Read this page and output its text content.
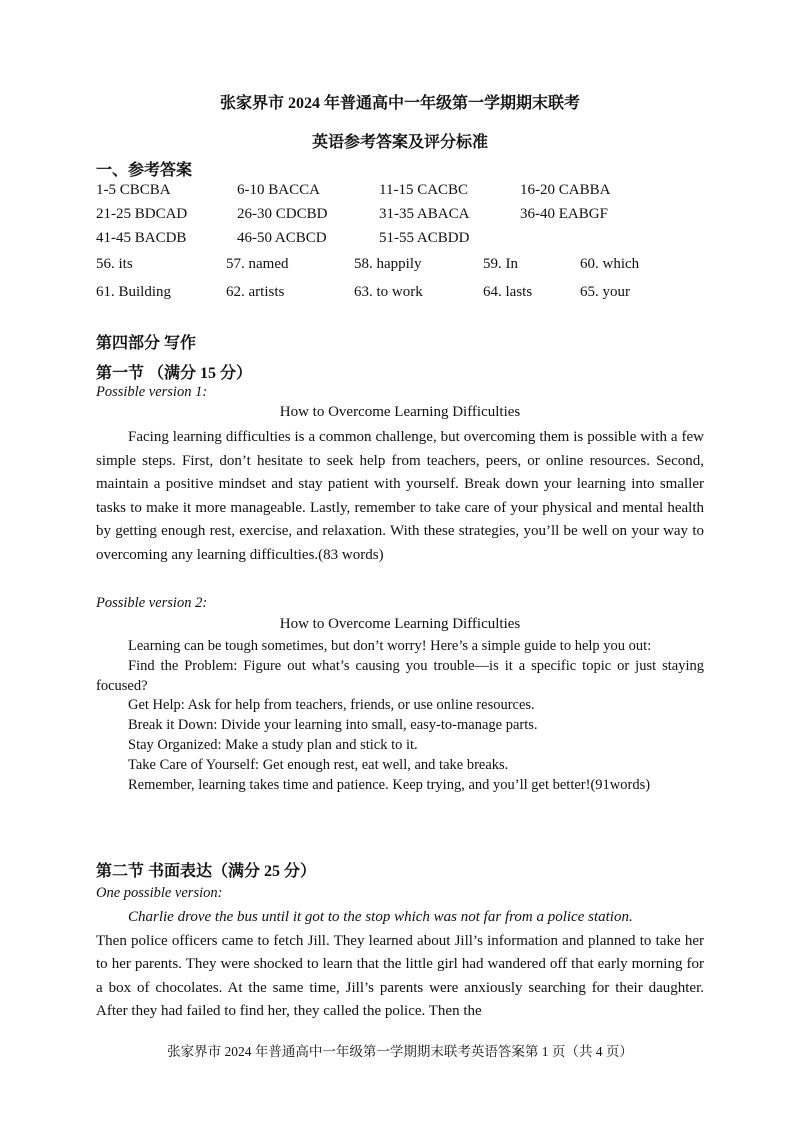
张家界市 2024 年普通高中一年级第一学期期末联考
英语参考答案及评分标准
一、参考答案
1-5 CBCBA	6-10 BACCA	11-15 CACBC	16-20 CABBA
21-25 BDCAD	26-30 CDCBD	31-35 ABACA	36-40 EABGF
41-45 BACDB	46-50 ACBCD	51-55 ACBDD
56. its	57. named	58. happily	59. In	60. which
61. Building	62. artists	63. to work	64. lasts	65. your
第四部分 写作
第一节 （满分 15 分）
Possible version 1:
How to Overcome Learning Difficulties

Facing learning difficulties is a common challenge, but overcoming them is possible with a few simple steps. First, don’t hesitate to seek help from teachers, peers, or online resources. Second, maintain a positive mindset and stay patient with yourself. Break down your learning into smaller tasks to make it more manageable. Lastly, remember to take care of your physical and mental health by getting enough rest, exercise, and relaxation. With these strategies, you’ll be well on your way to overcoming any learning difficulties.(83 words)

Possible version 2:
How to Overcome Learning Difficulties

Learning can be tough sometimes, but don’t worry! Here’s a simple guide to help you out:

Find the Problem: Figure out what’s causing you trouble—is it a specific topic or just staying focused?

Get Help: Ask for help from teachers, friends, or use online resources.

Break it Down: Divide your learning into small, easy-to-manage parts.

Stay Organized: Make a study plan and stick to it.

Take Care of Yourself: Get enough rest, eat well, and take breaks.

Remember, learning takes time and patience. Keep trying, and you’ll get better!(91words)

第二节 书面表达（满分 25 分）
One possible version:

Charlie drove the bus until it got to the stop which was not far from a police station.

Then police officers came to fetch Jill. They learned about Jill’s information and planned to take her to her parents. They were shocked to learn that the little girl had wandered off that early morning for a box of chocolates. At the same time, Jill’s parents were anxiously searching for their daughter. After they had failed to find her, they called the police. Then the

张家界市 2024 年普通高中一年级第一学期期末联考英语答案第 1 页（共 4 页）
